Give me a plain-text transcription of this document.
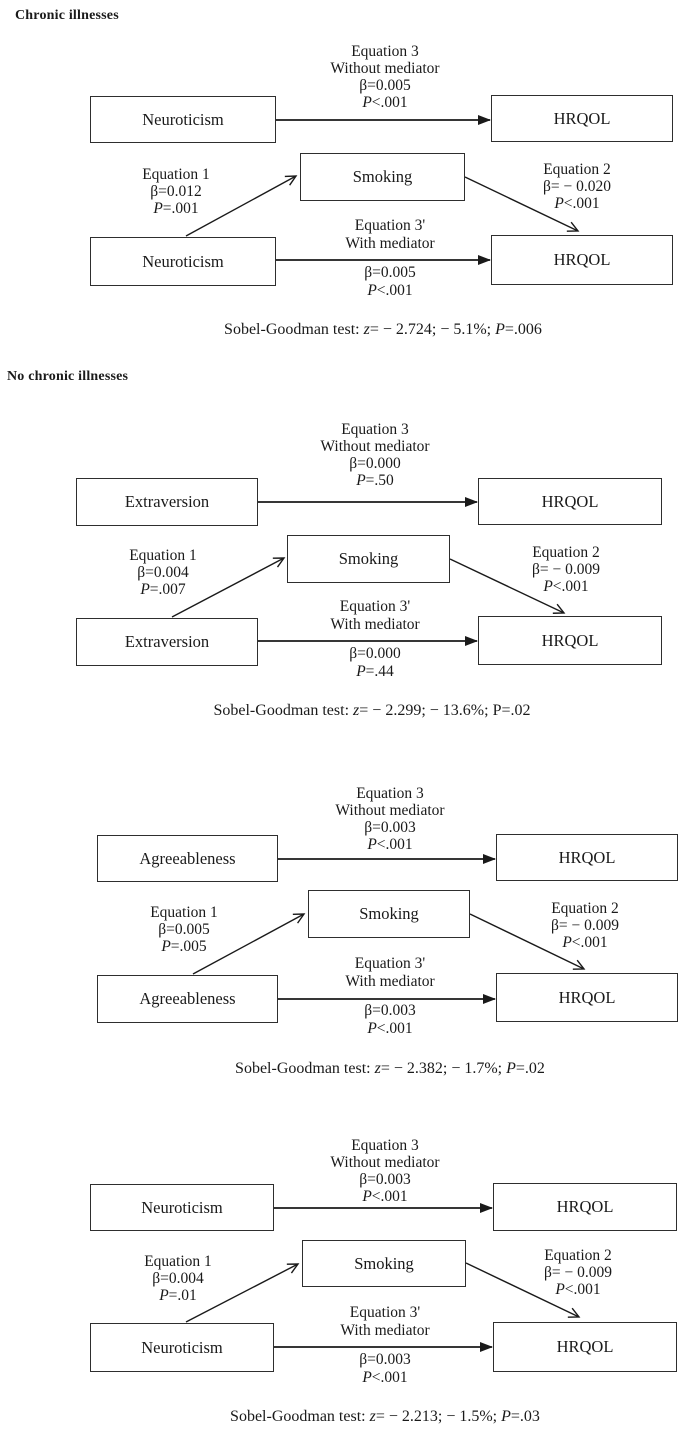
Chronic illnesses
Equation 3
Without mediator
β=0.005
P<.001
Neuroticism	HRQOL
Equation 1
β=0.012
P=.001
Smoking	Equation 2
β= − 0.020
P<.001
Equation 3'
With mediator
Neuroticism	HRQOL
β=0.005
P<.001
Sobel-Goodman test: z= − 2.724; − 5.1%; P=.006
No chronic illnesses
Equation 3
Without mediator
β=0.000
P=.50
Extraversion	HRQOL
Equation 1
β=0.004
P=.007
Smoking	Equation 2
β= − 0.009
P<.001
Equation 3'
With mediator
Extraversion	HRQOL
β=0.000
P=.44
Sobel-Goodman test: z= − 2.299; − 13.6%; P=.02
Equation 3
Without mediator
β=0.003
P<.001
Agreeableness	HRQOL
Equation 1
β=0.005
P=.005
Smoking	Equation 2
β= − 0.009
P<.001
Equation 3'
With mediator
Agreeableness	HRQOL
β=0.003
P<.001
Sobel-Goodman test: z= − 2.382; − 1.7%; P=.02
Equation 3
Without mediator
β=0.003
P<.001
Neuroticism	HRQOL
Equation 1
β=0.004
P=.01
Smoking	Equation 2
β= − 0.009
P<.001
Equation 3'
With mediator
Neuroticism	HRQOL
β=0.003
P<.001
Sobel-Goodman test: z= − 2.213; − 1.5%; P=.03
